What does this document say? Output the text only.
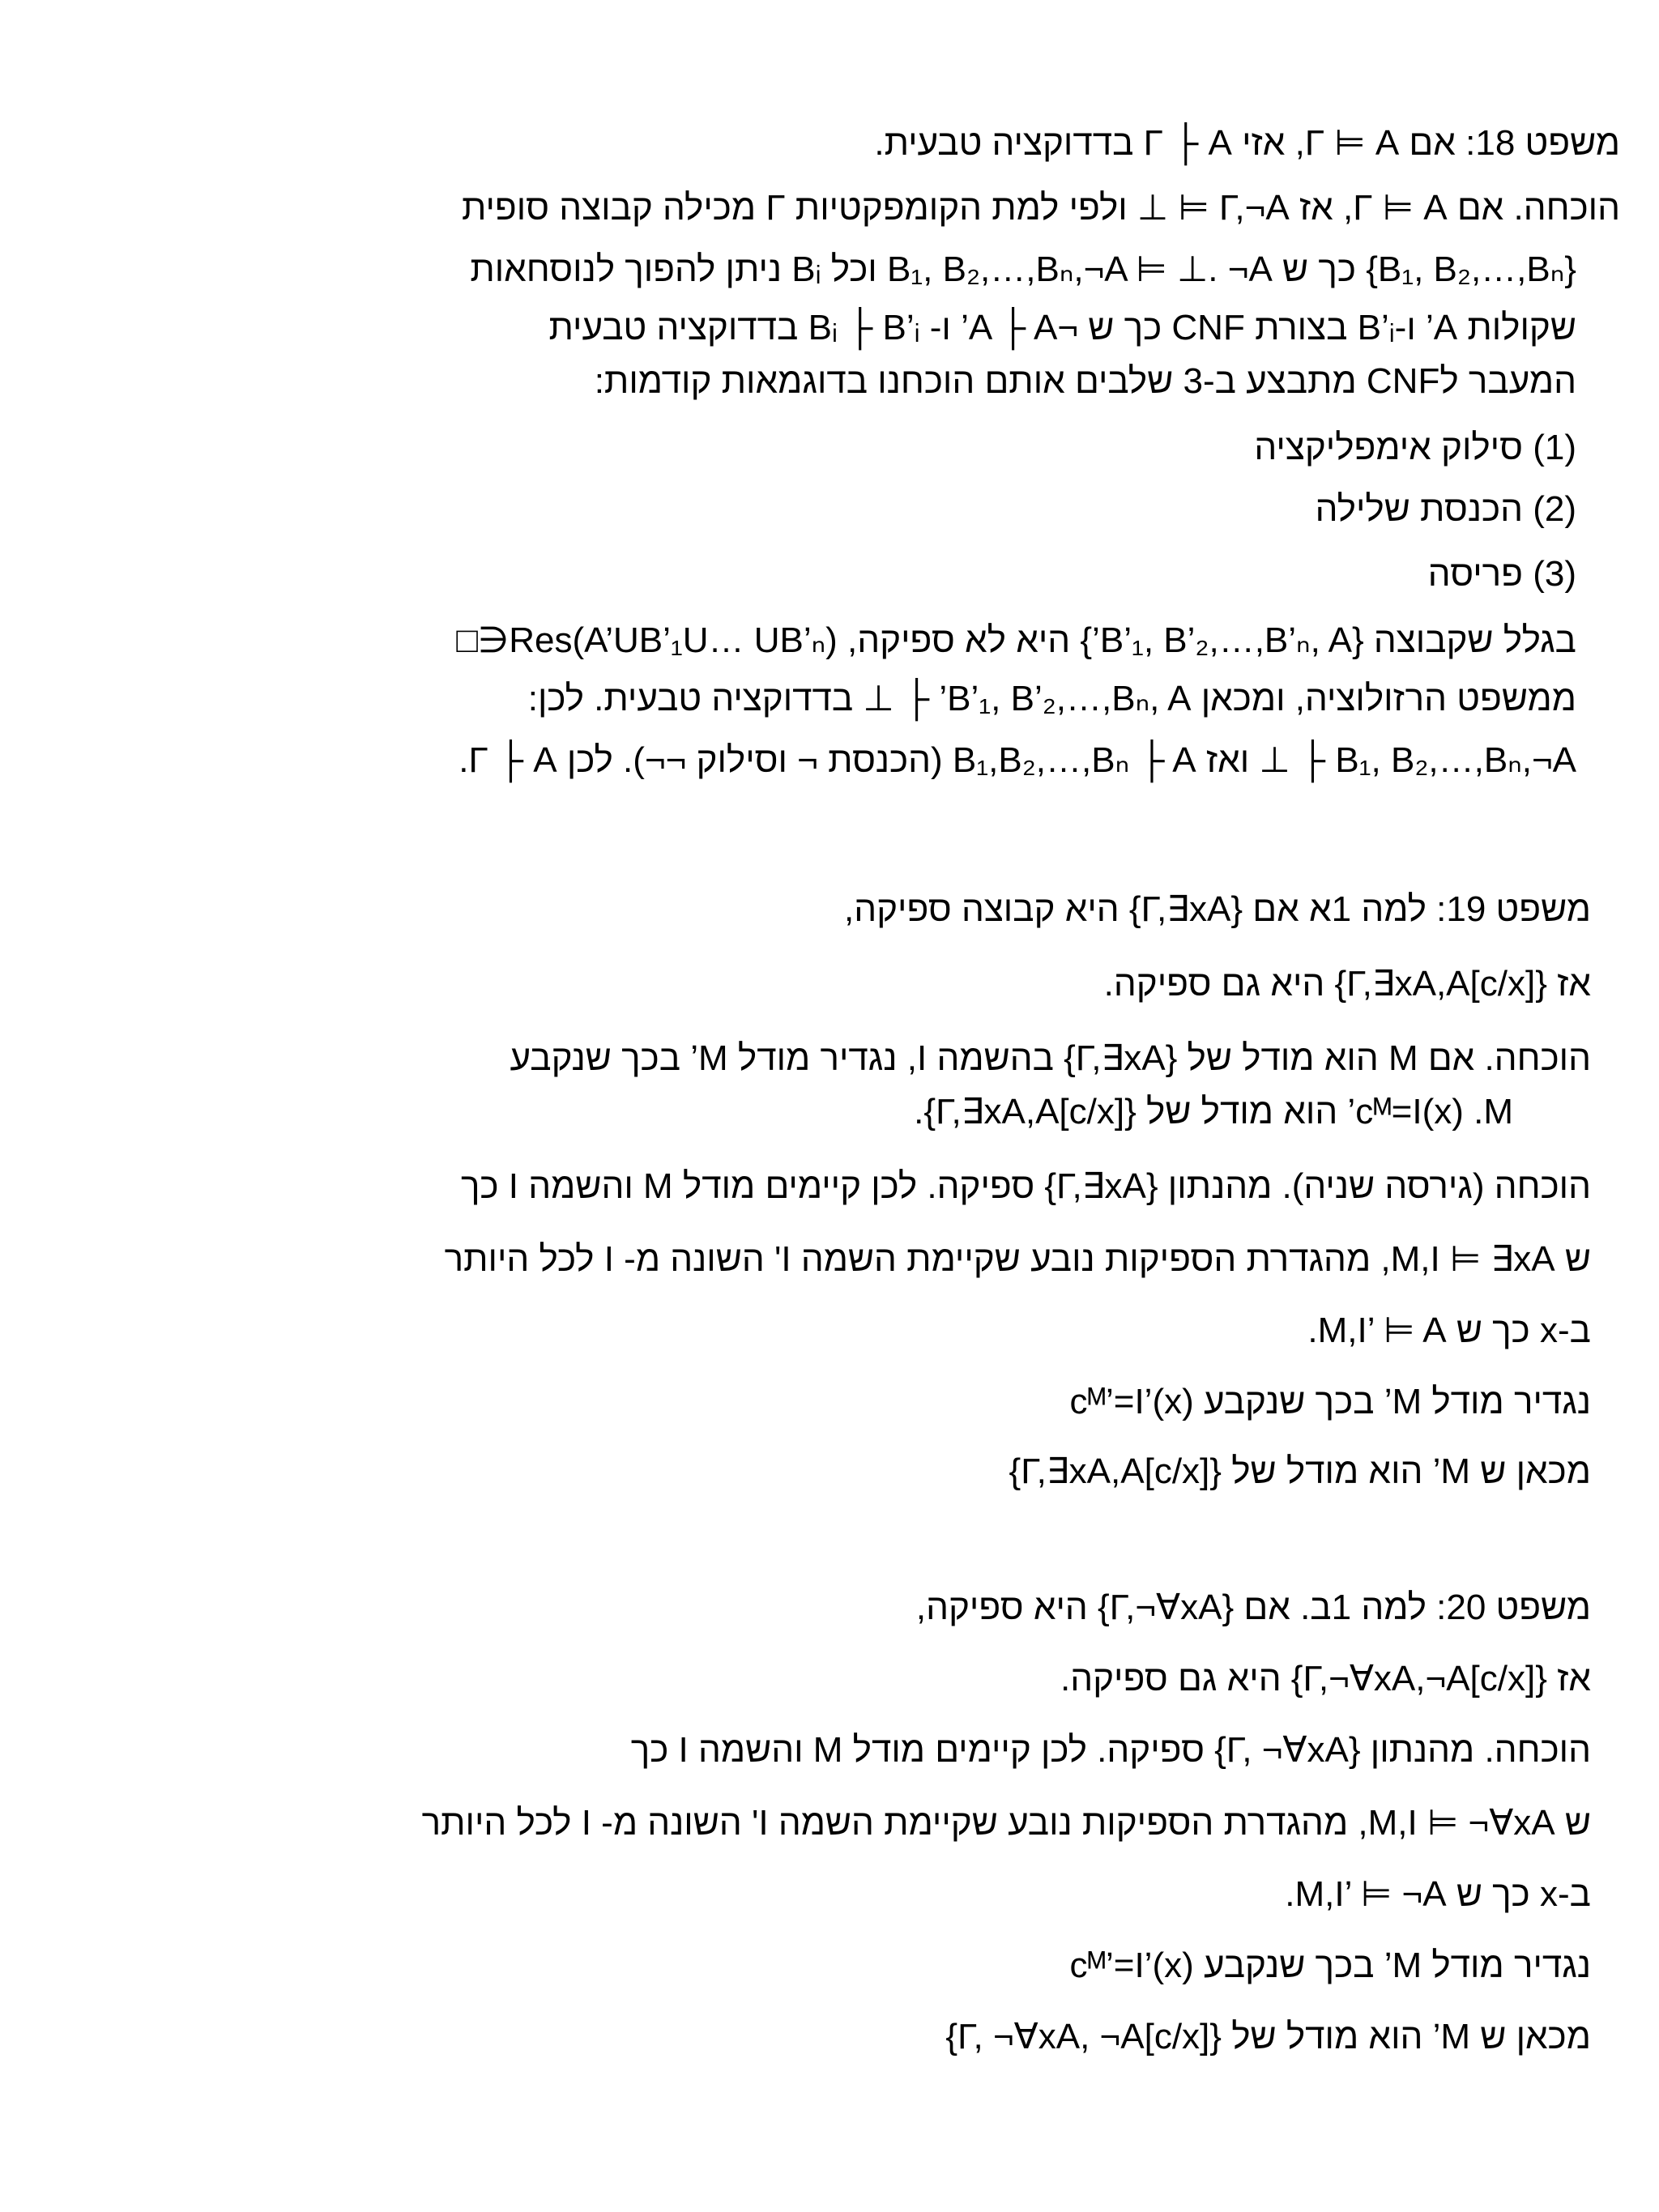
משפט 18: אם Γ ⊨ A, אזי Γ ├ A בדדוקציה טבעית.
הוכחה. אם Γ ⊨ A, אז Γ,¬A ⊨ ⊥ ולפי למת הקומפקטיות Γ מכילה קבוצה סופית
{B₁, B₂,…,Bₙ} כך ש B₁, B₂,…,Bₙ,¬A ⊨ ⊥. ¬A וכל Bᵢ ניתן להפוך לנוסחאות
שקולות A’ ו-B’ᵢ בצורת CNF כך ש ¬A ├ A’ ו- Bᵢ ├ B’ᵢ בדדוקציה טבעית
המעבר לCNF מתבצע ב-3 שלבים אותם הוכחנו בדוגמאות קודמות:
(1) סילוק אימפליקציה
(2) הכנסת שלילה
(3) פריסה
בגלל שקבוצה {B’₁, B’₂,…,B’ₙ, A’} היא לא ספיקה, (Res(A’UB’₁U… UB’ₙ∈□
ממשפט הרזולוציה, ומכאן B’₁, B’₂,…,Bₙ, A’ ├ ⊥ בדדוקציה טבעית. לכן:
B₁, B₂,…,Bₙ,¬A ├ ⊥ ואז B₁,B₂,…,Bₙ ├ A (הכנסת ¬ וסילוק ¬¬). לכן Γ ├ A.
משפט 19: למה 1א אם {Γ,∃xA} היא קבוצה ספיקה,
אז {Γ,∃xA,A[c/x]} היא גם ספיקה.
הוכחה. אם M הוא מודל של {Γ,∃xA} בהשמה I, נגדיר מודל M’ בכך שנקבע
cᴹ=I(x) .M’ הוא מודל של {Γ,∃xA,A[c/x]}.
הוכחה (גירסה שניה). מהנתון {Γ,∃xA} ספיקה. לכן קיימים מודל M והשמה I כך
ש M,I ⊨ ∃xA, מהגדרת הספיקות נובע שקיימת השמה I' השונה מ- I לכל היותר
ב-x כך ש M,I’ ⊨ A.
נגדיר מודל M’ בכך שנקבע cᴹ’=I’(x)
מכאן ש M’ הוא מודל של {Γ,∃xA,A[c/x]}
משפט 20: למה 1ב. אם {Γ,¬∀xA} היא ספיקה,
אז {Γ,¬∀xA,¬A[c/x]} היא גם ספיקה.
הוכחה. מהנתון {Γ, ¬∀xA} ספיקה. לכן קיימים מודל M והשמה I כך
ש M,I ⊨ ¬∀xA, מהגדרת הספיקות נובע שקיימת השמה I' השונה מ- I לכל היותר
ב-x כך ש M,I’ ⊨ ¬A.
נגדיר מודל M’ בכך שנקבע cᴹ’=I’(x)
מכאן ש M’ הוא מודל של {Γ, ¬∀xA, ¬A[c/x]}
